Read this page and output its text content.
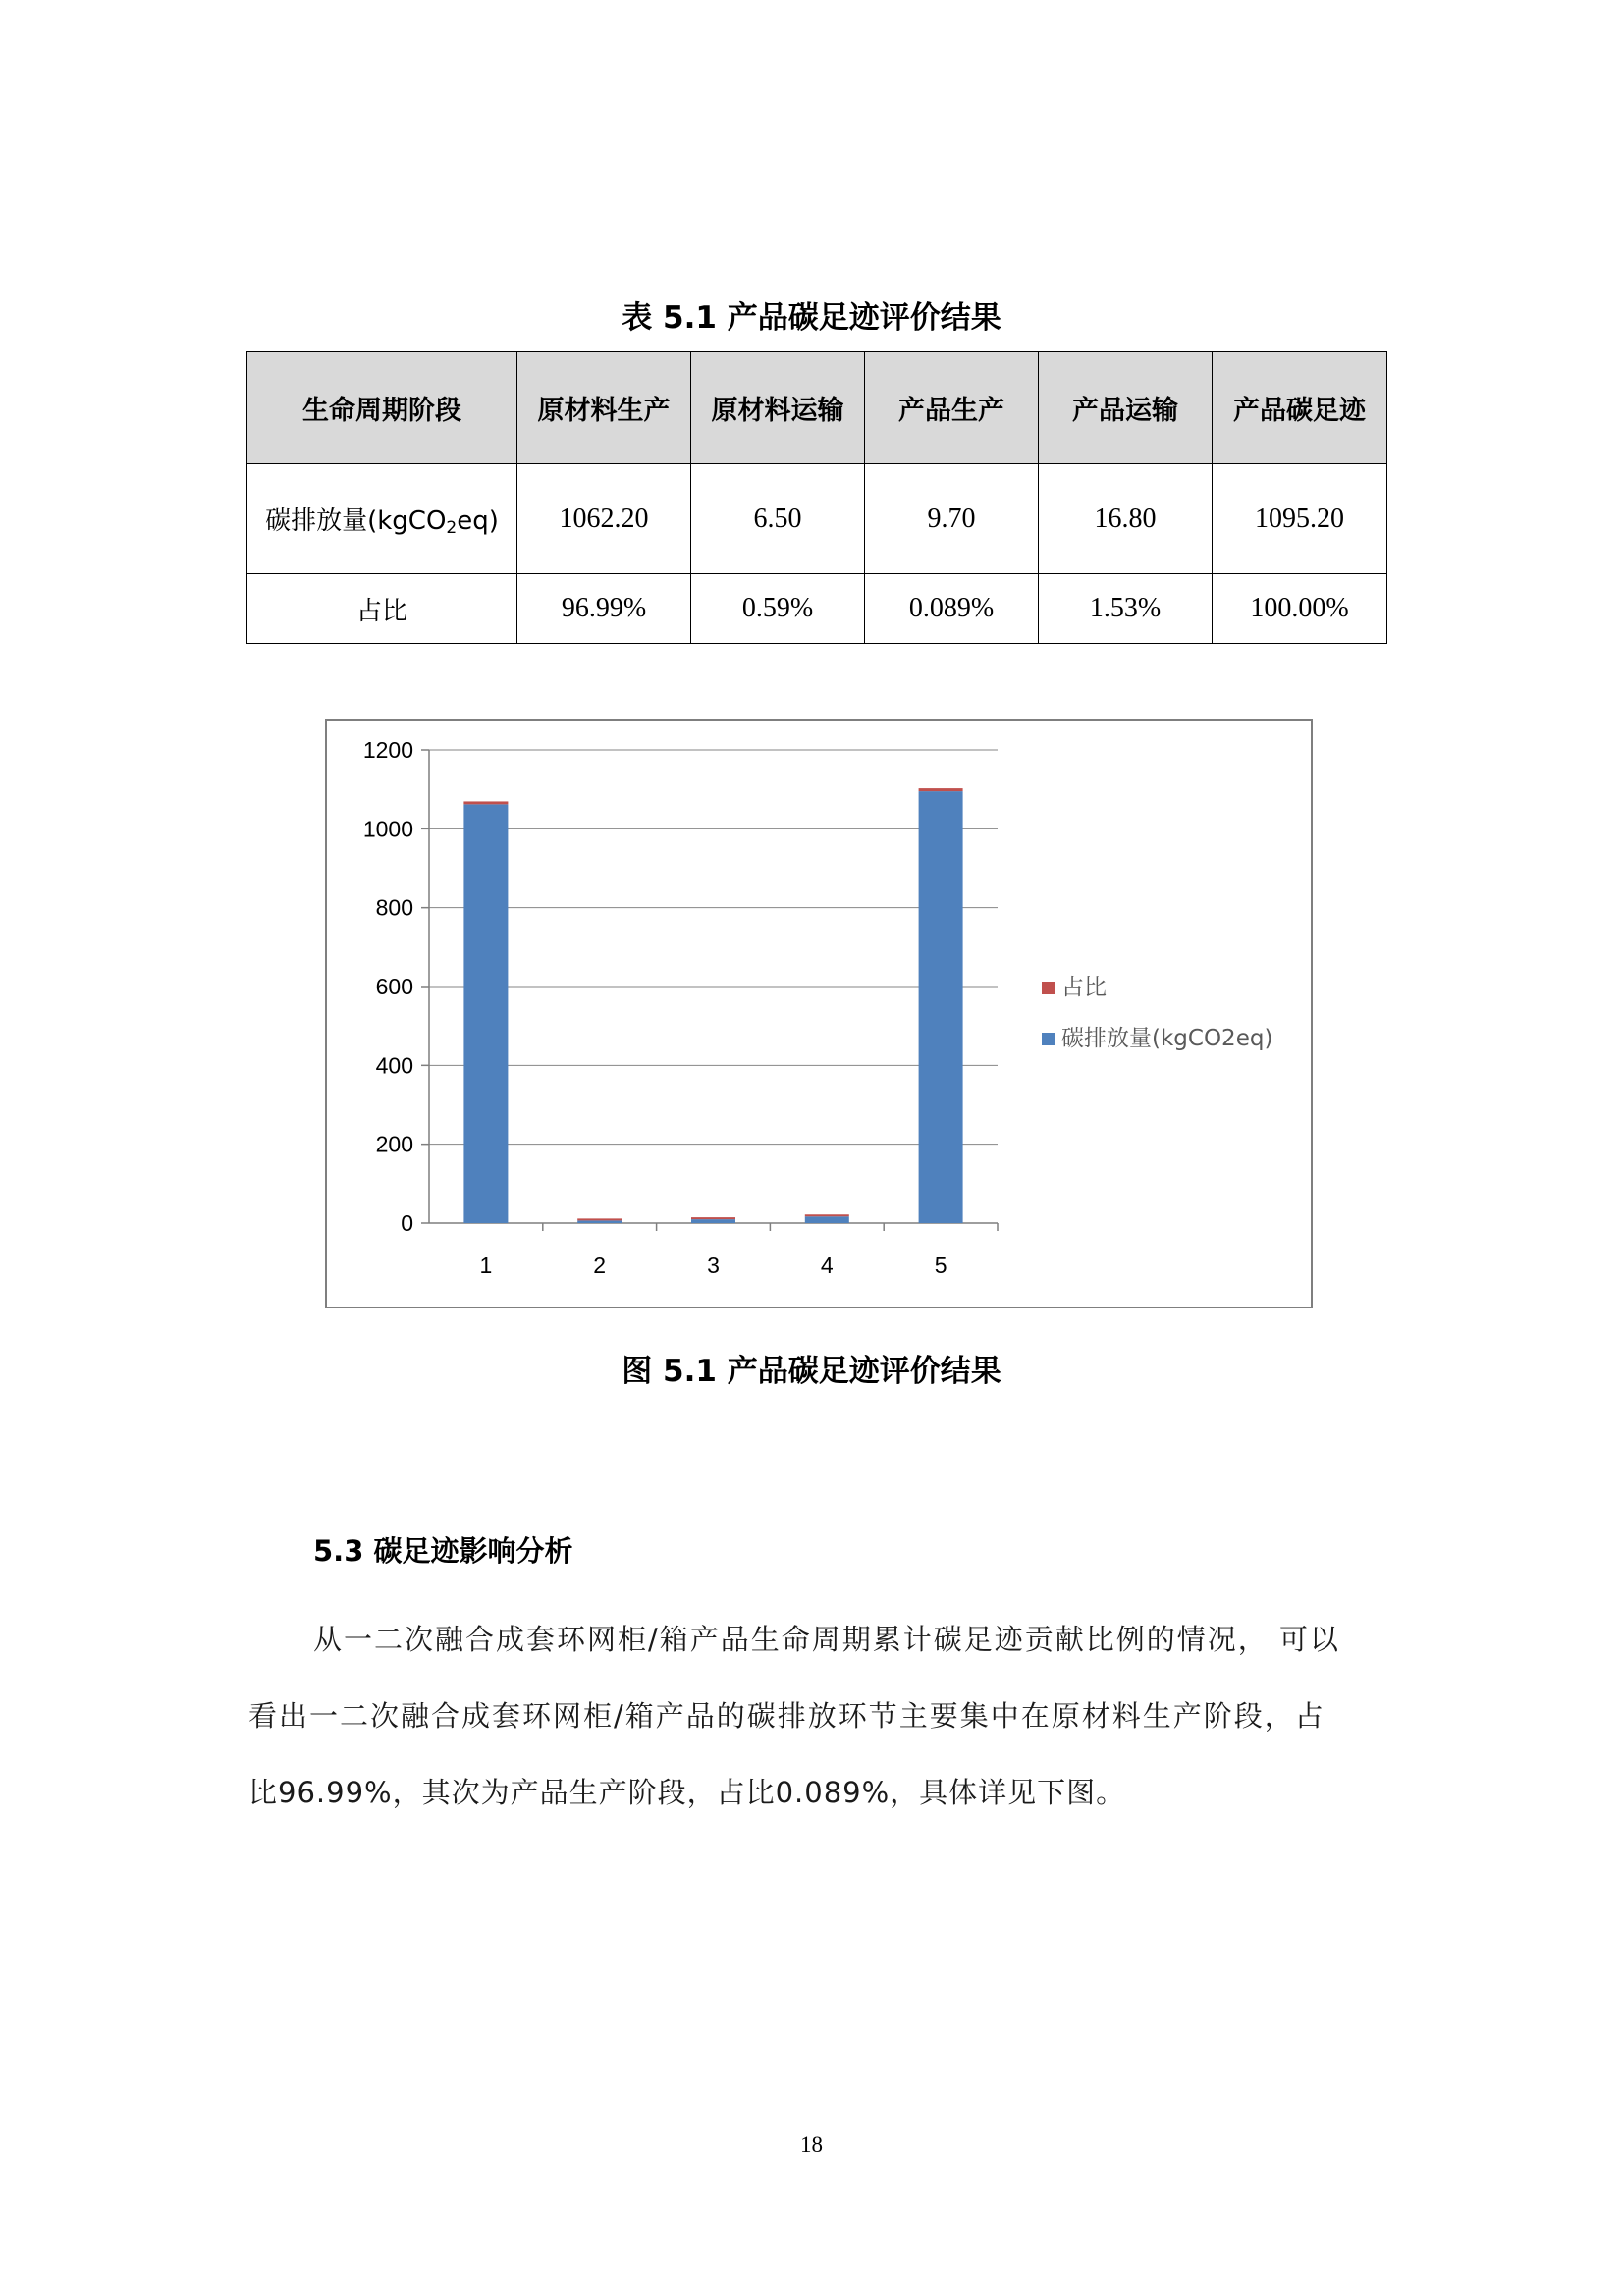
表 5.1 产品碳足迹评价结果
生命周期阶段	原材料生产	原材料运输	产品生产	产品运输	产品碳足迹
碳排放量(kgCO$_2$eq)	1062.20	6.50	9.70	16.80	1095.20
占比	96.99%	0.59%	0.089%	1.53%	100.00%
0
200
400
600
800
1000
1200
1	2	3	4	5
占比
碳排放量(kgCO2eq)
图 5.1 产品碳足迹评价结果
5.3 碳足迹影响分析
从一二次融合成套环网柜/箱产品生命周期累计碳足迹贡献比例的情况， 可以
看出一二次融合成套环网柜/箱产品的碳排放环节主要集中在原材料生产阶段，占
比96.99%，其次为产品生产阶段，占比0.089%，具体详见下图。
18
